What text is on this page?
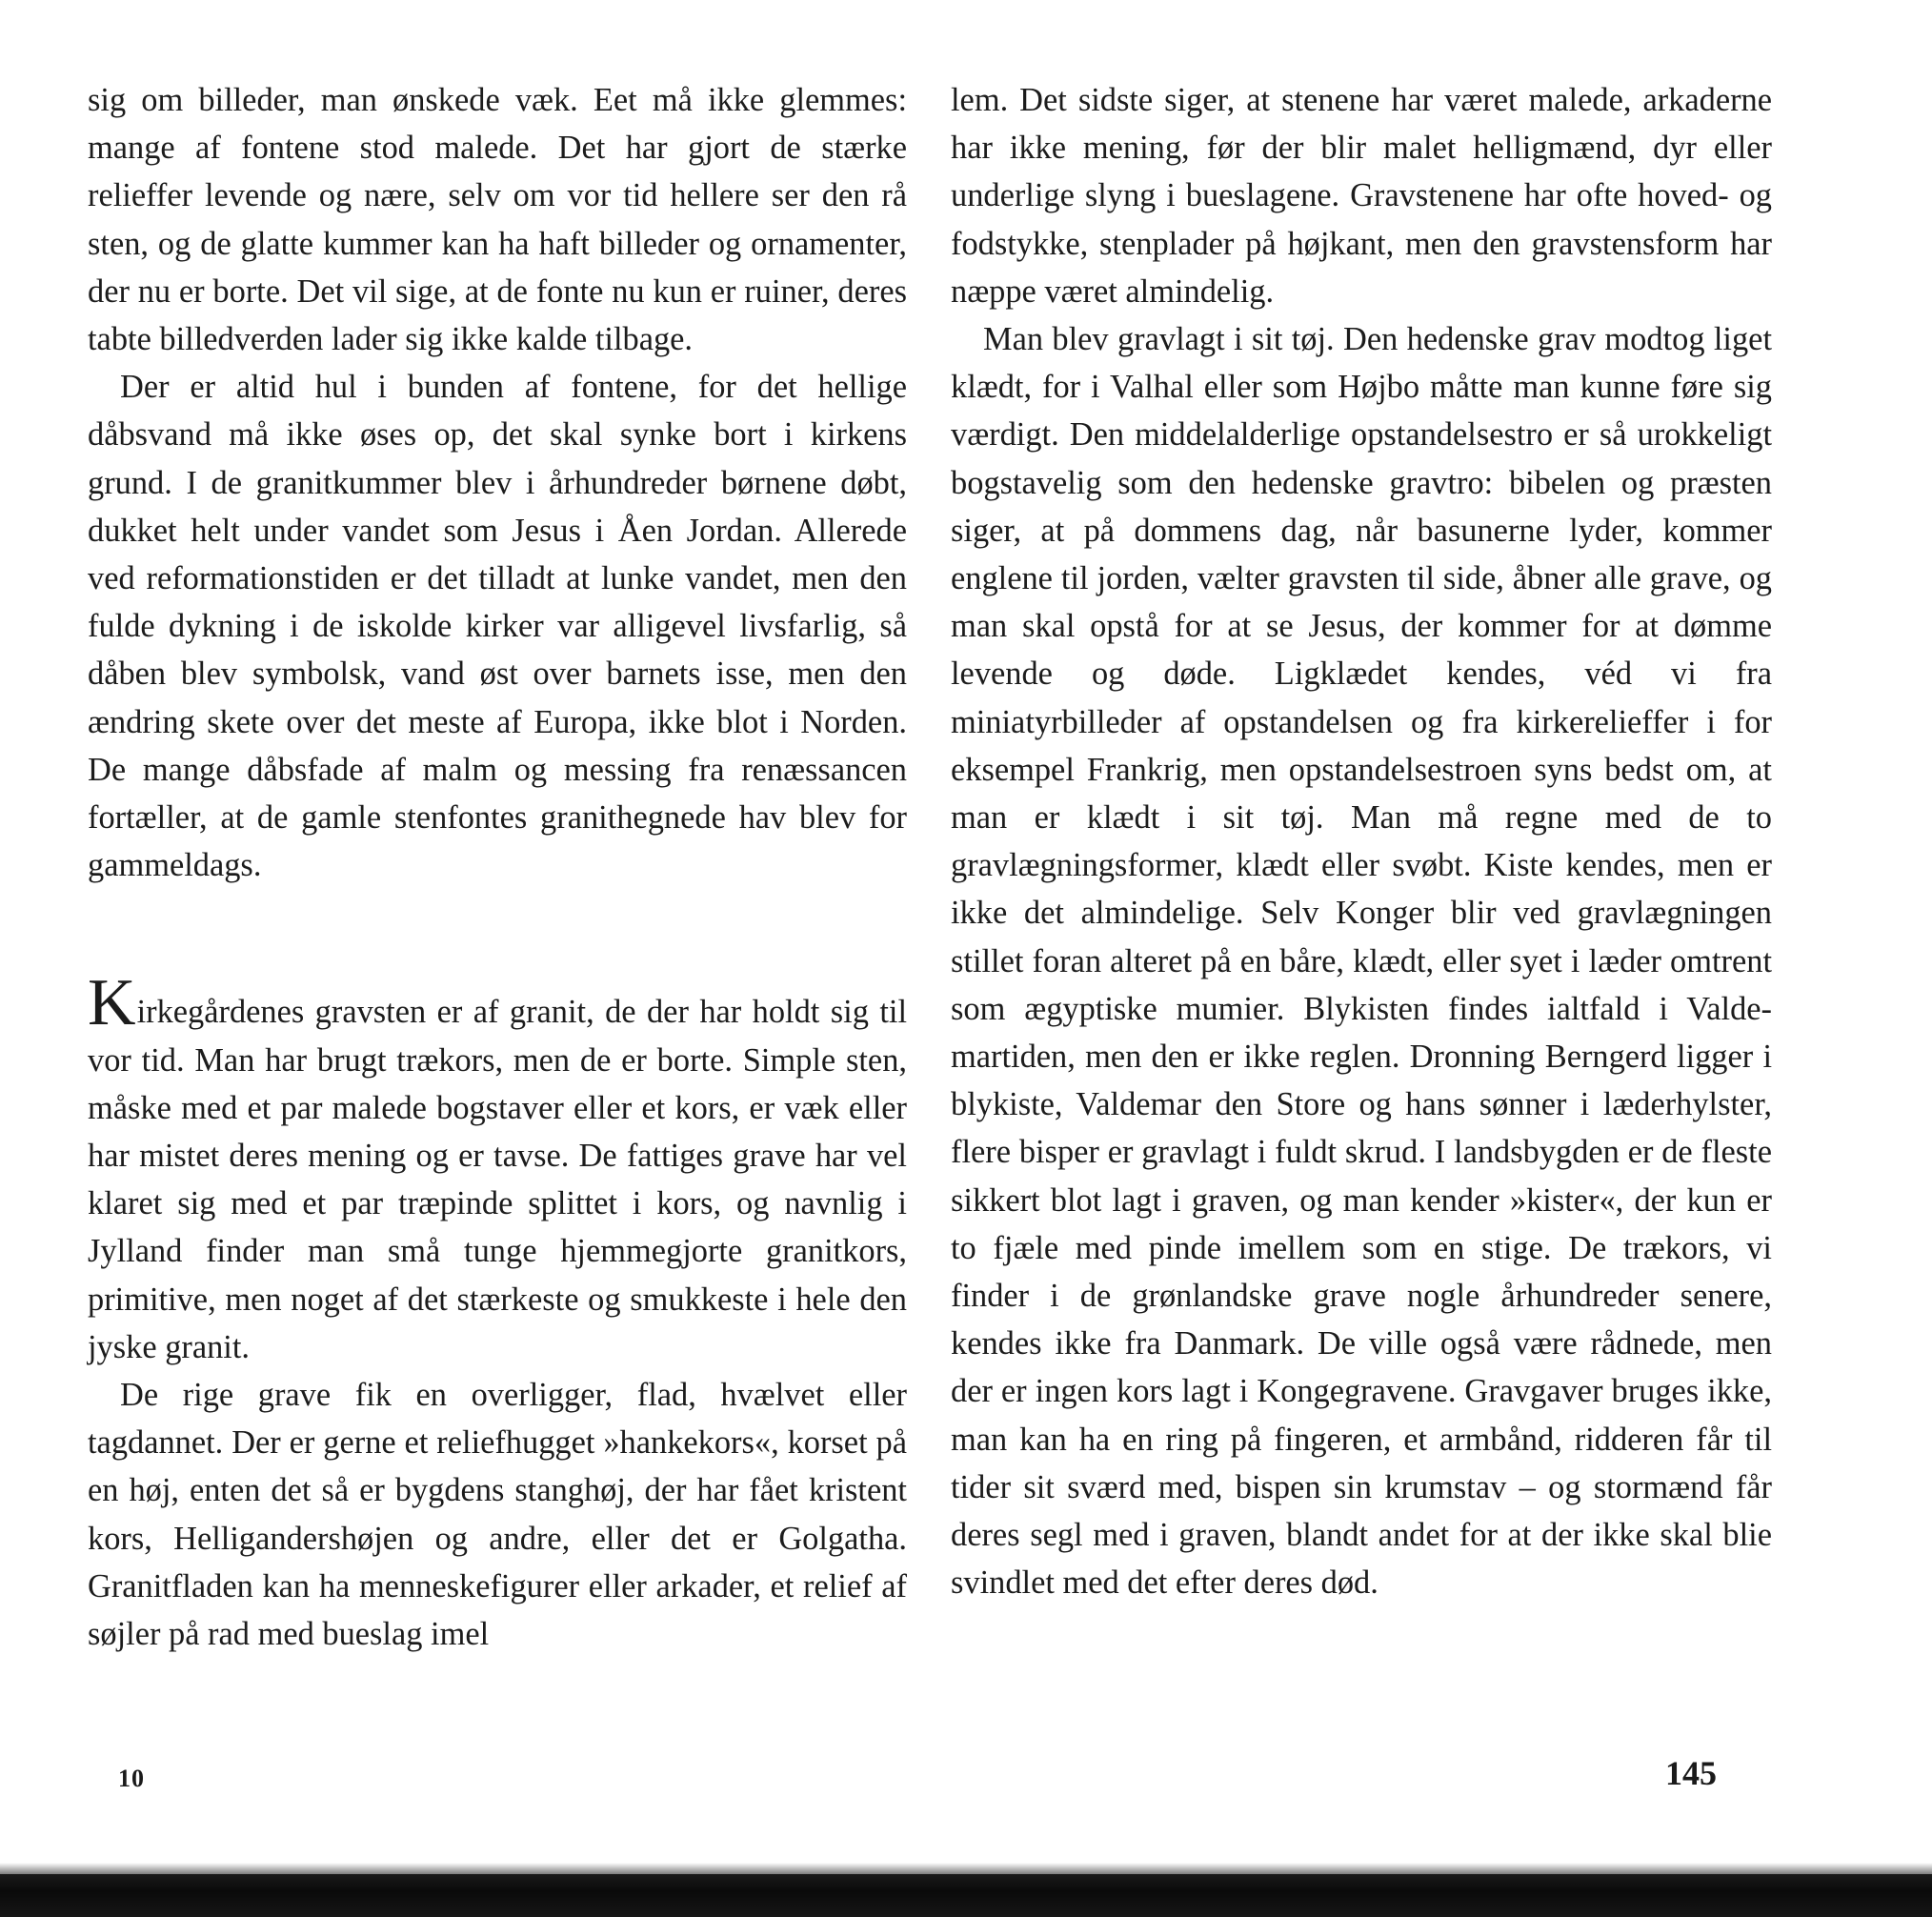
sig om billeder, man ønskede væk. Eet må ikke glemmes: mange af fontene stod malede. Det har gjort de stærke relieffer levende og nære, selv om vor tid hellere ser den rå sten, og de glatte kummer kan ha haft billeder og ornamenter, der nu er borte. Det vil sige, at de fonte nu kun er ruiner, deres tabte billedverden lader sig ikke kalde tilbage.

Der er altid hul i bunden af fontene, for det hellige dåbsvand må ikke øses op, det skal synke bort i kirkens grund. I de granitkummer blev i århundreder børnene døbt, dukket helt under vandet som Jesus i Åen Jordan. Allerede ved reformationstiden er det tilladt at lunke vandet, men den fulde dykning i de iskolde kirker var alligevel livsfarlig, så dåben blev symbolsk, vand øst over barnets isse, men den ændring skete over det meste af Europa, ikke blot i Norden. De mange dåbsfade af malm og messing fra renæssancen fortæller, at de gamle stenfontes granithegnede hav blev for gammeldags.

Kirkegårdenes gravsten er af granit, de der har holdt sig til vor tid. Man har brugt trækors, men de er borte. Simple sten, måske med et par malede bogstaver eller et kors, er væk eller har mistet deres mening og er tavse. De fattiges grave har vel klaret sig med et par træpinde splittet i kors, og navnlig i Jylland finder man små tunge hjemmegjorte granitkors, primitive, men noget af det stærkeste og smukkeste i hele den jyske granit.

De rige grave fik en overligger, flad, hvælvet eller tagdannet. Der er gerne et reliefhugget »hankekors«, korset på en høj, enten det så er bygdens stanghøj, der har fået kristent kors, Helligandershøjen og andre, eller det er Golgatha. Granitfladen kan ha menneskefigurer eller arkader, et relief af søjler på rad med bueslag imel

lem. Det sidste siger, at stenene har været malede, arkaderne har ikke mening, før der blir malet helligmænd, dyr eller underlige slyng i bueslagene. Gravstenene har ofte hoved- og fodstykke, stenplader på højkant, men den gravstensform har næppe været almindelig.

Man blev gravlagt i sit tøj. Den hedenske grav modtog liget klædt, for i Valhal eller som Højbo måtte man kunne føre sig værdigt. Den middelalderlige opstandelsestro er så urokkeligt bogstavelig som den hedenske gravtro: bibelen og præsten siger, at på dommens dag, når basunerne lyder, kommer englene til jorden, vælter gravsten til side, åbner alle grave, og man skal opstå for at se Jesus, der kommer for at dømme levende og døde. Ligklædet kendes, véd vi fra miniatyrbilleder af opstandelsen og fra kirkerelieffer i for eksempel Frankrig, men opstandelsestroen syns bedst om, at man er klædt i sit tøj. Man må regne med de to gravlægningsformer, klædt eller svøbt. Kiste kendes, men er ikke det almindelige. Selv Konger blir ved gravlægningen stillet foran alteret på en båre, klædt, eller syet i læder omtrent som ægyptiske mumier. Blykisten findes ialtfald i Valdemartiden, men den er ikke reglen. Dronning Berngerd ligger i blykiste, Valdemar den Store og hans sønner i læderhylster, flere bisper er gravlagt i fuldt skrud. I landsbygden er de fleste sikkert blot lagt i graven, og man kender »kister«, der kun er to fjæle med pinde imellem som en stige. De trækors, vi finder i de grønlandske grave nogle århundreder senere, kendes ikke fra Danmark. De ville også være rådnede, men der er ingen kors lagt i Kongegravene. Gravgaver bruges ikke, man kan ha en ring på fingeren, et armbånd, ridderen får til tider sit sværd med, bispen sin krumstav – og stormænd får deres segl med i graven, blandt andet for at der ikke skal blie svindlet med det efter deres død.

10	145
